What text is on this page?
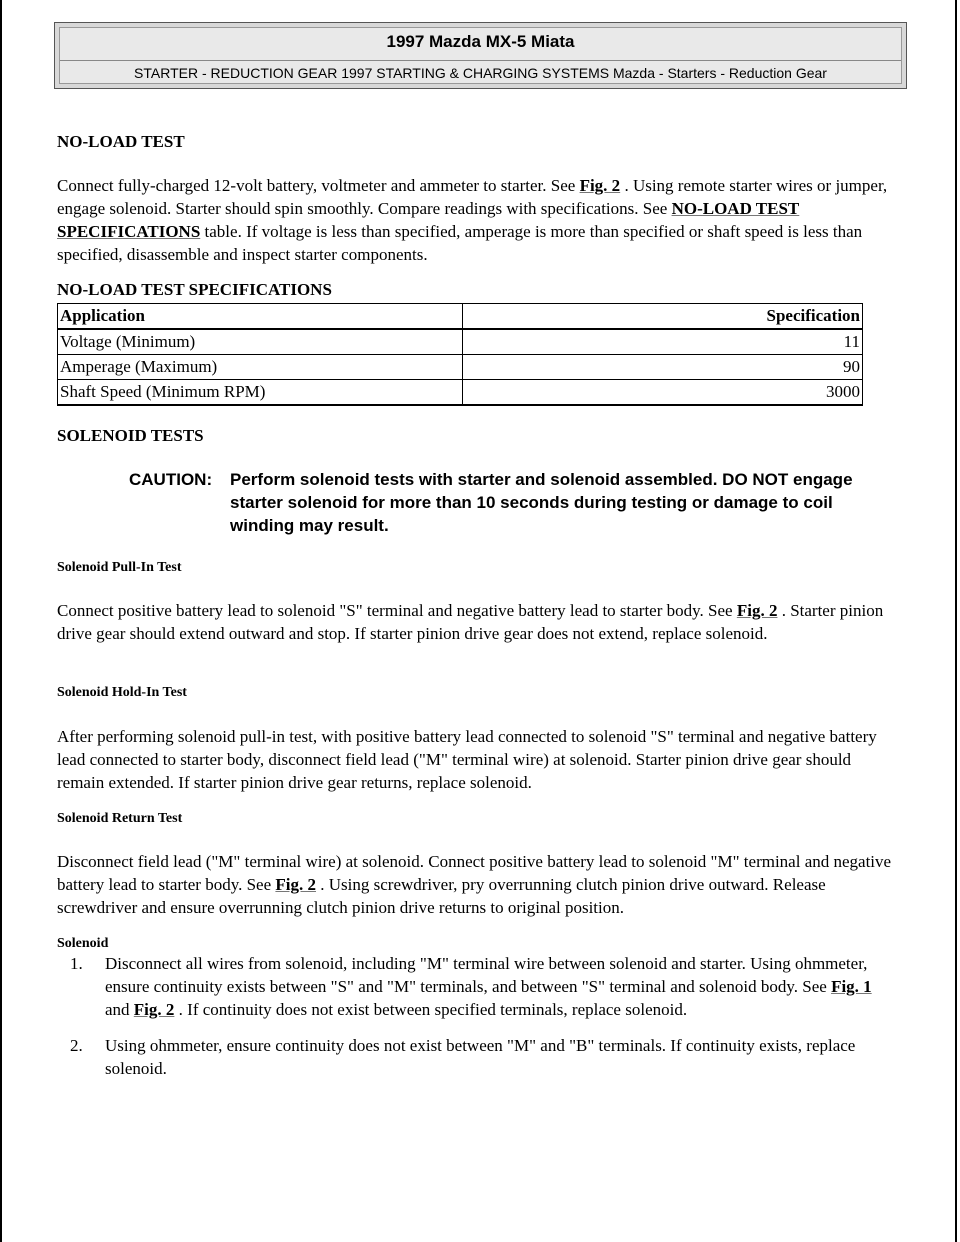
1997 Mazda MX-5 Miata
STARTER - REDUCTION GEAR 1997 STARTING & CHARGING SYSTEMS Mazda - Starters - Reduction Gear
NO-LOAD TEST
Connect fully-charged 12-volt battery, voltmeter and ammeter to starter. See Fig. 2 . Using remote starter wires or jumper, engage solenoid. Starter should spin smoothly. Compare readings with specifications. See NO-LOAD TEST SPECIFICATIONS table. If voltage is less than specified, amperage is more than specified or shaft speed is less than specified, disassemble and inspect starter components.
NO-LOAD TEST SPECIFICATIONS
Application	Specification
Voltage (Minimum)	11
Amperage (Maximum)	90
Shaft Speed (Minimum RPM)	3000
SOLENOID TESTS
CAUTION: Perform solenoid tests with starter and solenoid assembled. DO NOT engage starter solenoid for more than 10 seconds during testing or damage to coil winding may result.
Solenoid Pull-In Test
Connect positive battery lead to solenoid "S" terminal and negative battery lead to starter body. See Fig. 2 . Starter pinion drive gear should extend outward and stop. If starter pinion drive gear does not extend, replace solenoid.
Solenoid Hold-In Test
After performing solenoid pull-in test, with positive battery lead connected to solenoid "S" terminal and negative battery lead connected to starter body, disconnect field lead ("M" terminal wire) at solenoid. Starter pinion drive gear should remain extended. If starter pinion drive gear returns, replace solenoid.
Solenoid Return Test
Disconnect field lead ("M" terminal wire) at solenoid. Connect positive battery lead to solenoid "M" terminal and negative battery lead to starter body. See Fig. 2 . Using screwdriver, pry overrunning clutch pinion drive outward. Release screwdriver and ensure overrunning clutch pinion drive returns to original position.
Solenoid
1. Disconnect all wires from solenoid, including "M" terminal wire between solenoid and starter. Using ohmmeter, ensure continuity exists between "S" and "M" terminals, and between "S" terminal and solenoid body. See Fig. 1 and Fig. 2 . If continuity does not exist between specified terminals, replace solenoid.
2. Using ohmmeter, ensure continuity does not exist between "M" and "B" terminals. If continuity exists, replace solenoid.
